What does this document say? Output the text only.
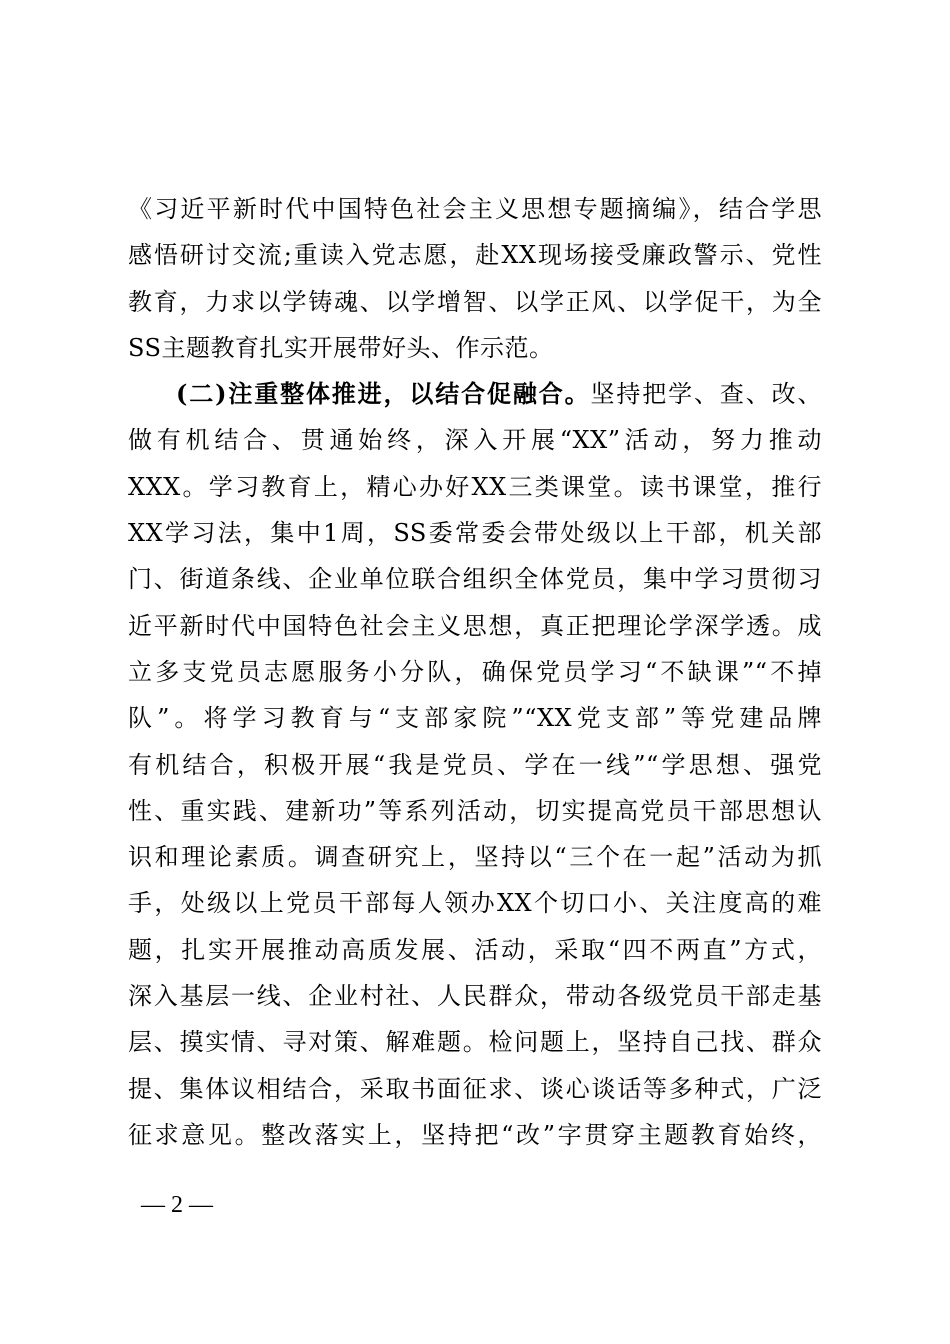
《习近平新时代中国特色社会主义思想专题摘编》，结合学思
感悟研讨交流;重读入党志愿，赴XX现场接受廉政警示、党性
教育，力求以学铸魂、以学增智、以学正风、以学促干，为全
SS主题教育扎实开展带好头、作示范。

(二)注重整体推进，以结合促融合。坚持把学、查、改、
做有机结合、贯通始终，深入开展“XX”活动，努力推动
XXX。学习教育上，精心办好XX三类课堂。读书课堂，推行
XX学习法，集中1周，SS委常委会带处级以上干部，机关部
门、街道条线、企业单位联合组织全体党员，集中学习贯彻习
近平新时代中国特色社会主义思想，真正把理论学深学透。成
立多支党员志愿服务小分队，确保党员学习“不缺课”“不掉
队”。将学习教育与“支部家院”“XX党支部”等党建品牌
有机结合，积极开展“我是党员、学在一线”“学思想、强党
性、重实践、建新功”等系列活动，切实提高党员干部思想认
识和理论素质。调查研究上，坚持以“三个在一起”活动为抓
手，处级以上党员干部每人领办XX个切口小、关注度高的难
题，扎实开展推动高质发展、活动，采取“四不两直”方式，
深入基层一线、企业村社、人民群众，带动各级党员干部走基
层、摸实情、寻对策、解难题。检问题上，坚持自己找、群众
提、集体议相结合，采取书面征求、谈心谈话等多种式，广泛
征求意见。整改落实上，坚持把“改”字贯穿主题教育始终，

— 2 —
